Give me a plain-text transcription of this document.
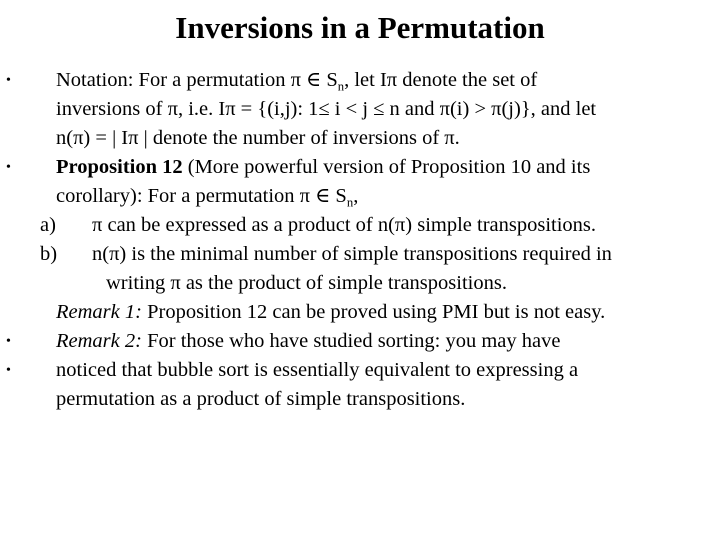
Inversions in a Permutation
•
•
•
•
Notation: For a permutation π ∈ $S_n$, let Iπ denote the set of
inversions of π, i.e. Iπ = {(i,j): 1≤ i < j ≤ n and π(i) > π(j)}, and let
n(π) = | Iπ | denote the number of inversions of π.
Proposition 12 (More powerful version of Proposition 10 and its
corollary): For a permutation π ∈ $S_n$,
a) π can be expressed as a product of n(π) simple transpositions.
b) n(π) is the minimal number of simple transpositions required in
writing π as the product of simple transpositions.
Remark 1: Proposition 12 can be proved using PMI but is not easy.
Remark 2: For those who have studied sorting: you may have
noticed that bubble sort is essentially equivalent to expressing a
permutation as a product of simple transpositions.
